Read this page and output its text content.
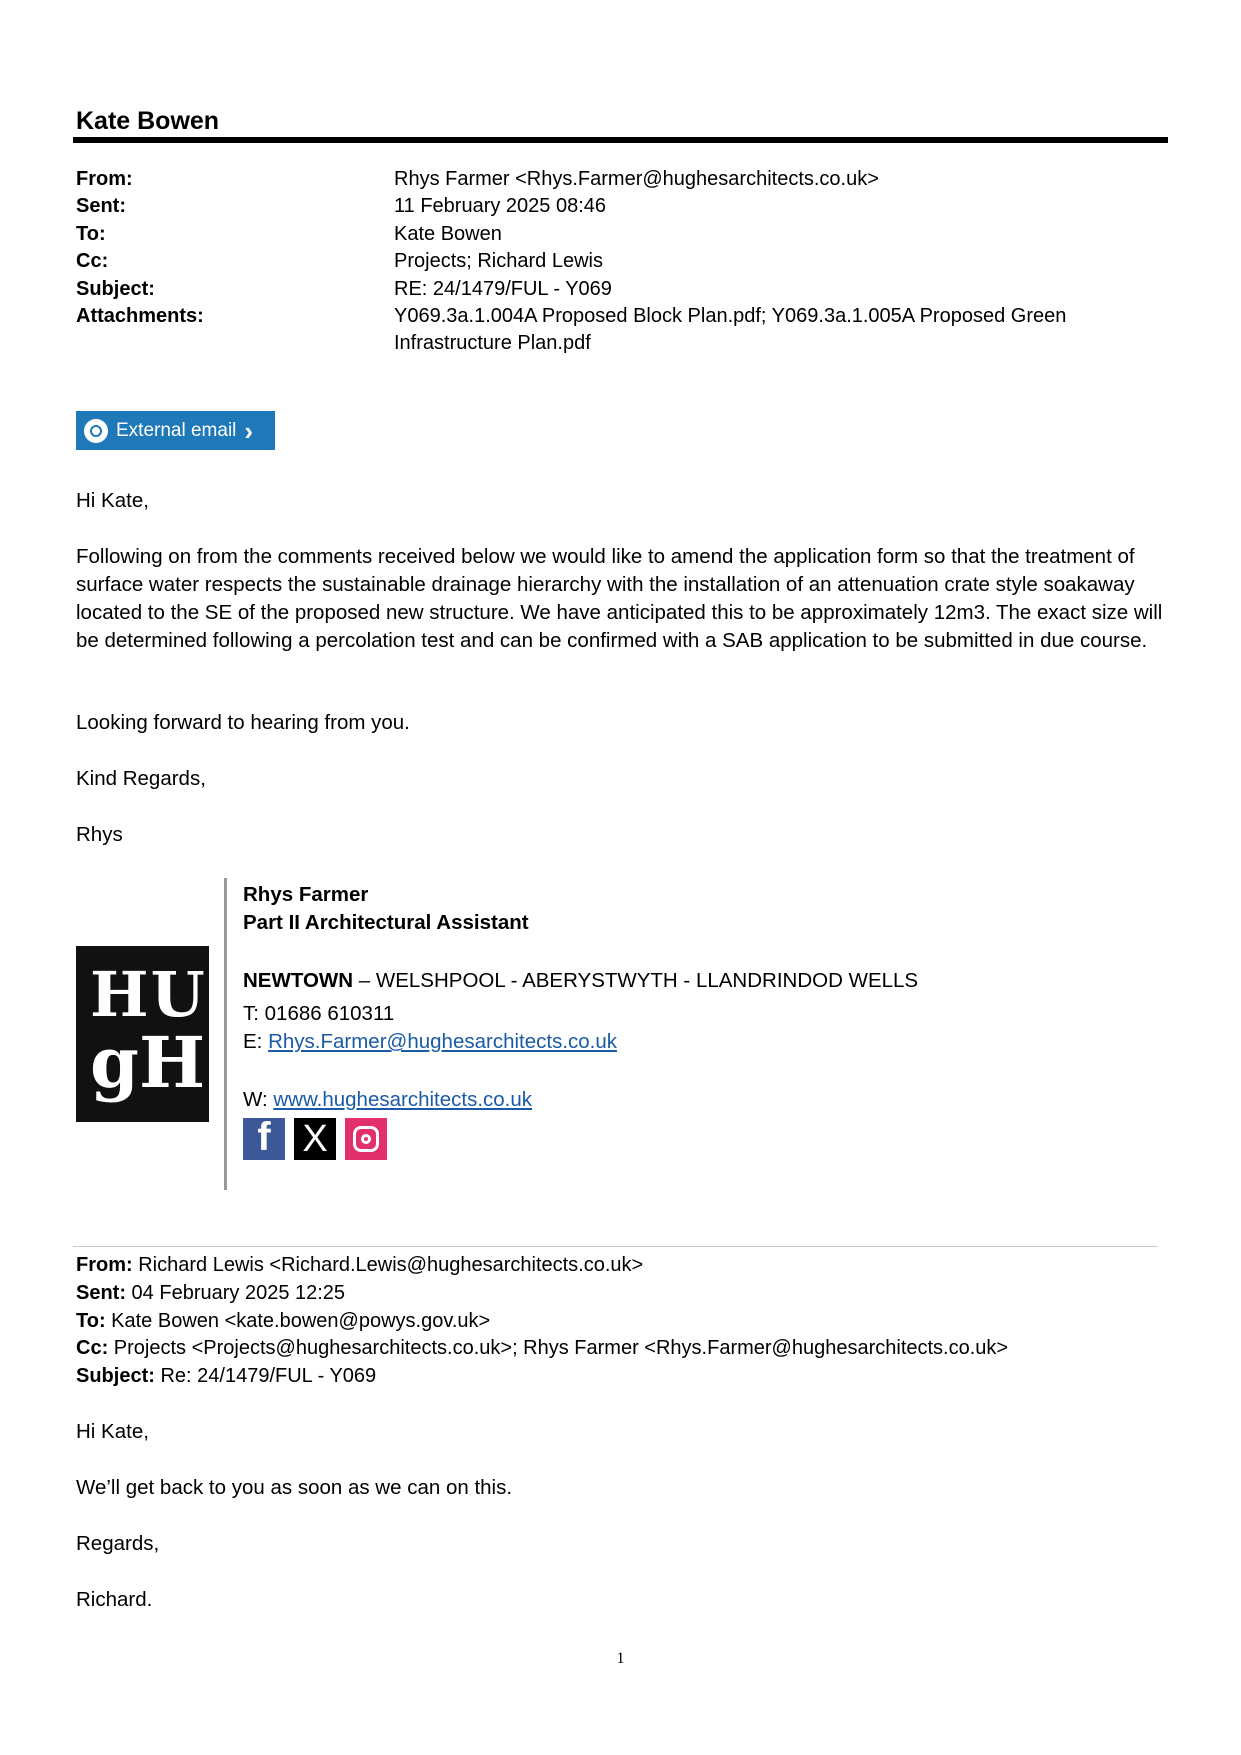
Kate Bowen
From:	Rhys Farmer <Rhys.Farmer@hughesarchitects.co.uk>
Sent:	11 February 2025 08:46
To:	Kate Bowen
Cc:	Projects; Richard Lewis
Subject:	RE: 24/1479/FUL - Y069
Attachments:	Y069.3a.1.004A Proposed Block Plan.pdf; Y069.3a.1.005A Proposed Green Infrastructure Plan.pdf
External email ›
Hi Kate,
Following on from the comments received below we would like to amend the application form so that the treatment of surface water respects the sustainable drainage hierarchy with the installation of an attenuation crate style soakaway located to the SE of the proposed new structure. We have anticipated this to be approximately 12m3. The exact size will be determined following a percolation test and can be confirmed with a SAB application to be submitted in due course.
Looking forward to hearing from you.
Kind Regards,
Rhys
HU
gH
Rhys Farmer
Part II Architectural Assistant
NEWTOWN – WELSHPOOL - ABERYSTWYTH - LLANDRINDOD WELLS
T: 01686 610311
E: Rhys.Farmer@hughesarchitects.co.uk
W: www.hughesarchitects.co.uk
f X
From: Richard Lewis <Richard.Lewis@hughesarchitects.co.uk>
Sent: 04 February 2025 12:25
To: Kate Bowen <kate.bowen@powys.gov.uk>
Cc: Projects <Projects@hughesarchitects.co.uk>; Rhys Farmer <Rhys.Farmer@hughesarchitects.co.uk>
Subject: Re: 24/1479/FUL - Y069
Hi Kate,
We’ll get back to you as soon as we can on this.
Regards,
Richard.
1
